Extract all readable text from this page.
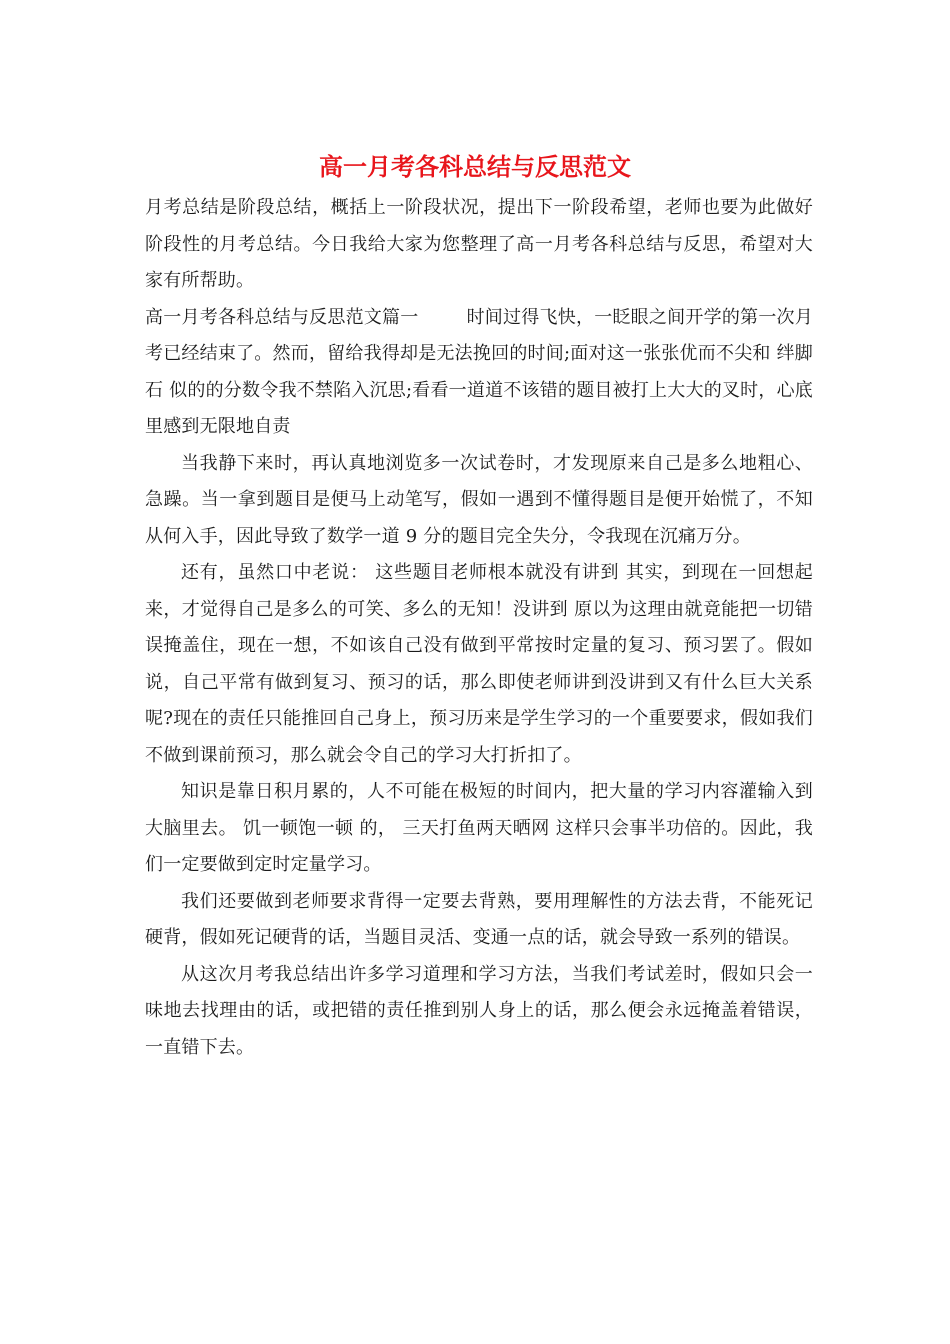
高一月考各科总结与反思范文

月考总结是阶段总结，概括上一阶段状况，提出下一阶段希望，老师也要为此做好阶段性的月考总结。今日我给大家为您整理了高一月考各科总结与反思，希望对大家有所帮助。

高一月考各科总结与反思范文篇一	时间过得飞快，一眨眼之间开学的第一次月考已经结束了。然而，留给我得却是无法挽回的时间;面对这一张张优而不尖和 绊脚石 似的的分数令我不禁陷入沉思;看看一道道不该错的题目被打上大大的叉时，心底里感到无限地自责

当我静下来时，再认真地浏览多一次试卷时，才发现原来自己是多么地粗心、急躁。当一拿到题目是便马上动笔写，假如一遇到不懂得题目是便开始慌了，不知从何入手，因此导致了数学一道 9 分的题目完全失分，令我现在沉痛万分。

还有，虽然口中老说： 这些题目老师根本就没有讲到 其实，到现在一回想起来，才觉得自己是多么的可笑、多么的无知！没讲到 原以为这理由就竟能把一切错误掩盖住，现在一想，不如该自己没有做到平常按时定量的复习、预习罢了。假如说，自己平常有做到复习、预习的话，那么即使老师讲到没讲到又有什么巨大关系呢?现在的责任只能推回自己身上，预习历来是学生学习的一个重要要求，假如我们不做到课前预习，那么就会令自己的学习大打折扣了。

知识是靠日积月累的，人不可能在极短的时间内，把大量的学习内容灌输入到大脑里去。 饥一顿饱一顿 的， 三天打鱼两天晒网 这样只会事半功倍的。因此，我们一定要做到定时定量学习。

我们还要做到老师要求背得一定要去背熟，要用理解性的方法去背，不能死记硬背，假如死记硬背的话，当题目灵活、变通一点的话，就会导致一系列的错误。

从这次月考我总结出许多学习道理和学习方法，当我们考试差时，假如只会一味地去找理由的话，或把错的责任推到别人身上的话，那么便会永远掩盖着错误，一直错下去。
